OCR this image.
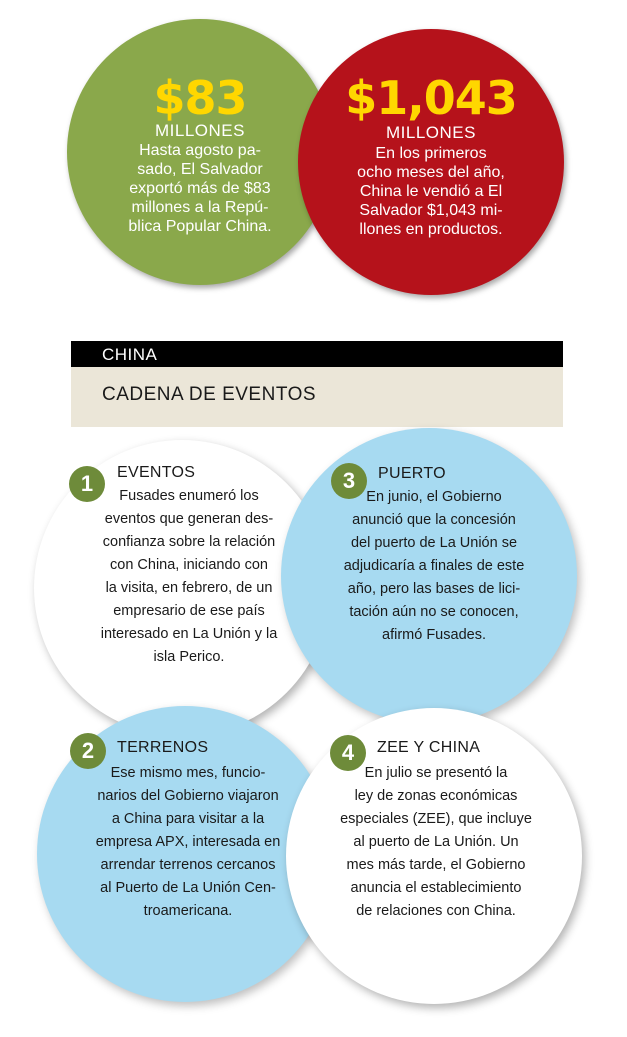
$83
MILLONES
Hasta agosto pa-
sado, El Salvador
exportó más de $83
millones a la Repú-
blica Popular China.
$1,043
MILLONES
En los primeros
ocho meses del año,
China le vendió a El
Salvador $1,043 mi-
llones en productos.
CHINA
CADENA DE EVENTOS
1	EVENTOS
Fusades enumeró los
eventos que generan des-
confianza sobre la relación
con China, iniciando con
la visita, en febrero, de un
empresario de ese país
interesado en La Unión y la
isla Perico.
3	PUERTO
En junio, el Gobierno
anunció que la concesión
del puerto de La Unión se
adjudicaría a finales de este
año, pero las bases de lici-
tación aún no se conocen,
afirmó Fusades.
2	TERRENOS
Ese mismo mes, funcio-
narios del Gobierno viajaron
a China para visitar a la
empresa APX, interesada en
arrendar terrenos cercanos
al Puerto de La Unión Cen-
troamericana.
4	ZEE Y CHINA
En julio se presentó la
ley de zonas económicas
especiales (ZEE), que incluye
al puerto de La Unión. Un
mes más tarde, el Gobierno
anuncia el establecimiento
de relaciones con China.
